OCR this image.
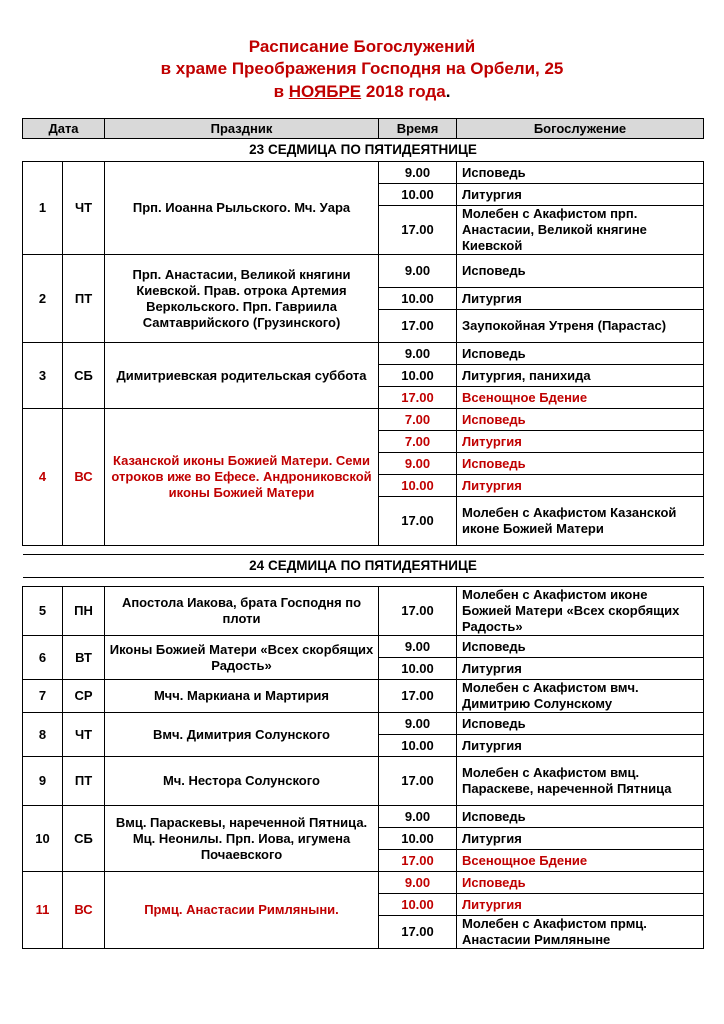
Расписание Богослужений
в храме Преображения Господня на Орбели, 25
в НОЯБРЕ 2018 года.
Дата		Праздник	Время	Богослужение
23 СЕДМИЦА ПО ПЯТИДЕЯТНИЦЕ				
1	ЧТ	Прп. Иоанна Рыльского. Мч. Уара	9.00	Исповедь
			10.00	Литургия
			17.00	Молебен с Акафистом прп. Анастасии, Великой княгине Киевской
2	ПТ	Прп. Анастасии, Великой княгини Киевской. Прав. отрока Артемия Веркольского. Прп. Гавриила Самтаврийского (Грузинского)	9.00	Исповедь
			10.00	Литургия
			17.00	Заупокойная Утреня (Парастас)
3	СБ	Димитриевская родительская суббота	9.00	Исповедь
			10.00	Литургия, панихида
			17.00	Всенощное Бдение
4	ВС	Казанской иконы Божией Матери. Семи отроков иже во Ефесе. Андрониковской иконы Божией Матери	7.00	Исповедь
			7.00	Литургия
			9.00	Исповедь
			10.00	Литургия
			17.00	Молебен с Акафистом Казанской иконе Божией Матери

24 СЕДМИЦА ПО ПЯТИДЕЯТНИЦЕ				

5	ПН	Апостола Иакова, брата Господня по плоти	17.00	Молебен с Акафистом иконе Божией Матери «Всех скорбящих Радость»
6	ВТ	Иконы Божией Матери «Всех скорбящих Радость»	9.00	Исповедь
			10.00	Литургия
7	СР	Мчч. Маркиана и Мартирия	17.00	Молебен с Акафистом вмч. Димитрию Солунскому
8	ЧТ	Вмч. Димитрия Солунского	9.00	Исповедь
			10.00	Литургия
9	ПТ	Мч. Нестора Солунского	17.00	Молебен с Акафистом вмц. Параскеве, нареченной Пятница
10	СБ	Вмц. Параскевы, нареченной Пятница. Мц. Неонилы. Прп. Иова, игумена Почаевского	9.00	Исповедь
			10.00	Литургия
			17.00	Всенощное Бдение
11	ВС	Прмц. Анастасии Римляныни.	9.00	Исповедь
			10.00	Литургия
			17.00	Молебен с Акафистом прмц. Анастасии Римляныне
